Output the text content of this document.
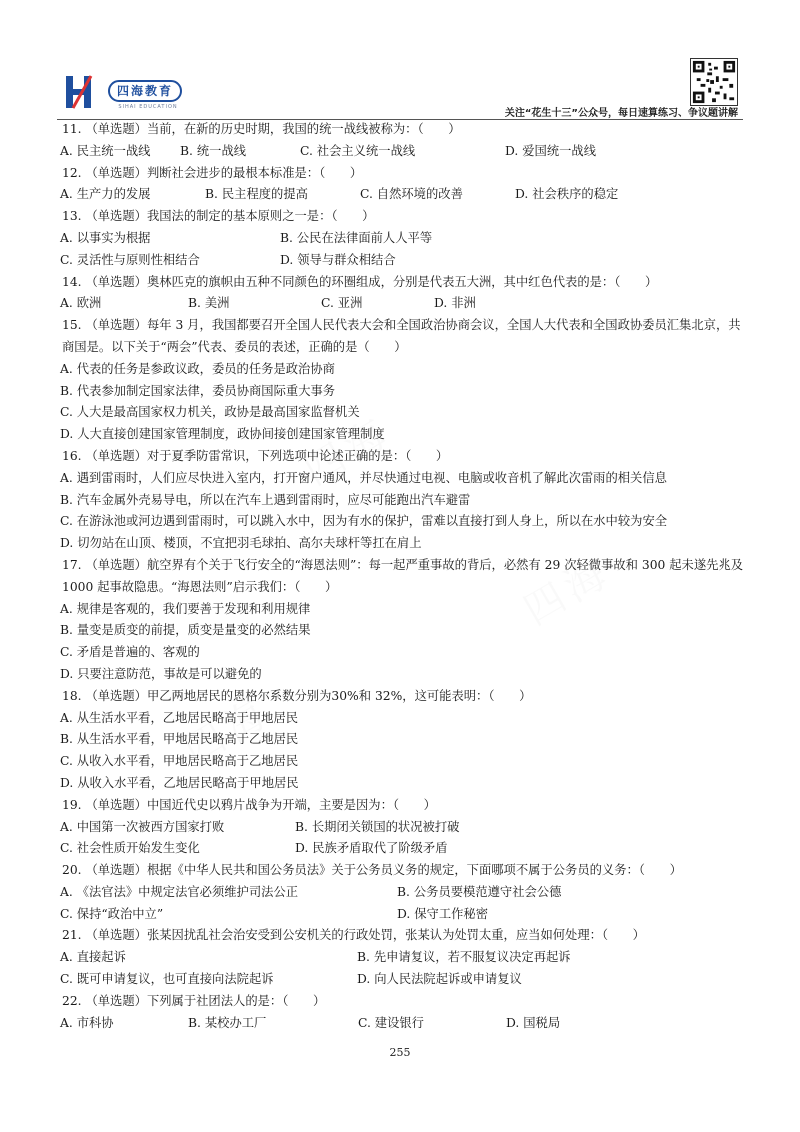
四海教育
SIHAI EDUCATION
关注“花生十三”公众号，每日速算练习、争议题讲解
11. （单选题）当前，在新的历史时期，我国的统一战线被称为：（　　）
A. 民主统一战线	B. 统一战线	C. 社会主义统一战线	D. 爱国统一战线
12. （单选题）判断社会进步的最根本标准是：（　　）
A. 生产力的发展	B. 民主程度的提高	C. 自然环境的改善	D. 社会秩序的稳定
13. （单选题）我国法的制定的基本原则之一是：（　　）
A. 以事实为根据	B. 公民在法律面前人人平等
C. 灵活性与原则性相结合	D. 领导与群众相结合
14. （单选题）奥林匹克的旗帜由五种不同颜色的环圈组成，分别是代表五大洲，其中红色代表的是：（　　）
A. 欧洲	B. 美洲	C. 亚洲	D. 非洲
15. （单选题）每年 3 月，我国都要召开全国人民代表大会和全国政治协商会议，全国人大代表和全国政协委员汇集北京，共商国是。以下关于“两会”代表、委员的表述，正确的是（　　）
A. 代表的任务是参政议政，委员的任务是政治协商
B. 代表参加制定国家法律，委员协商国际重大事务
C. 人大是最高国家权力机关，政协是最高国家监督机关
D. 人大直接创建国家管理制度，政协间接创建国家管理制度
16. （单选题）对于夏季防雷常识，下列选项中论述正确的是：（　　）
A. 遇到雷雨时，人们应尽快进入室内，打开窗户通风，并尽快通过电视、电脑或收音机了解此次雷雨的相关信息
B. 汽车金属外壳易导电，所以在汽车上遇到雷雨时，应尽可能跑出汽车避雷
C. 在游泳池或河边遇到雷雨时，可以跳入水中，因为有水的保护，雷难以直接打到人身上，所以在水中较为安全
D. 切勿站在山顶、楼顶，不宜把羽毛球拍、高尔夫球杆等扛在肩上
17. （单选题）航空界有个关于飞行安全的“海恩法则”：每一起严重事故的背后，必然有 29 次轻微事故和 300 起未遂先兆及 1000 起事故隐患。“海恩法则”启示我们：（　　）
A. 规律是客观的，我们要善于发现和利用规律
B. 量变是质变的前提，质变是量变的必然结果
C. 矛盾是普遍的、客观的
D. 只要注意防范，事故是可以避免的
18. （单选题）甲乙两地居民的恩格尔系数分别为30%和 32%，这可能表明：（　　）
A. 从生活水平看，乙地居民略高于甲地居民
B. 从生活水平看，甲地居民略高于乙地居民
C. 从收入水平看，甲地居民略高于乙地居民
D. 从收入水平看，乙地居民略高于甲地居民
19. （单选题）中国近代史以鸦片战争为开端，主要是因为：（　　）
A. 中国第一次被西方国家打败	B. 长期闭关锁国的状况被打破
C. 社会性质开始发生变化	D. 民族矛盾取代了阶级矛盾
20. （单选题）根据《中华人民共和国公务员法》关于公务员义务的规定，下面哪项不属于公务员的义务：（　　）
A. 《法官法》中规定法官必须维护司法公正	B. 公务员要模范遵守社会公德
C. 保持“政治中立”	D. 保守工作秘密
21. （单选题）张某因扰乱社会治安受到公安机关的行政处罚，张某认为处罚太重，应当如何处理：（　　）
A. 直接起诉	B. 先申请复议，若不服复议决定再起诉
C. 既可申请复议，也可直接向法院起诉	D. 向人民法院起诉或申请复议
22. （单选题）下列属于社团法人的是：（　　）
A. 市科协	B. 某校办工厂	C. 建设银行	D. 国税局
255
